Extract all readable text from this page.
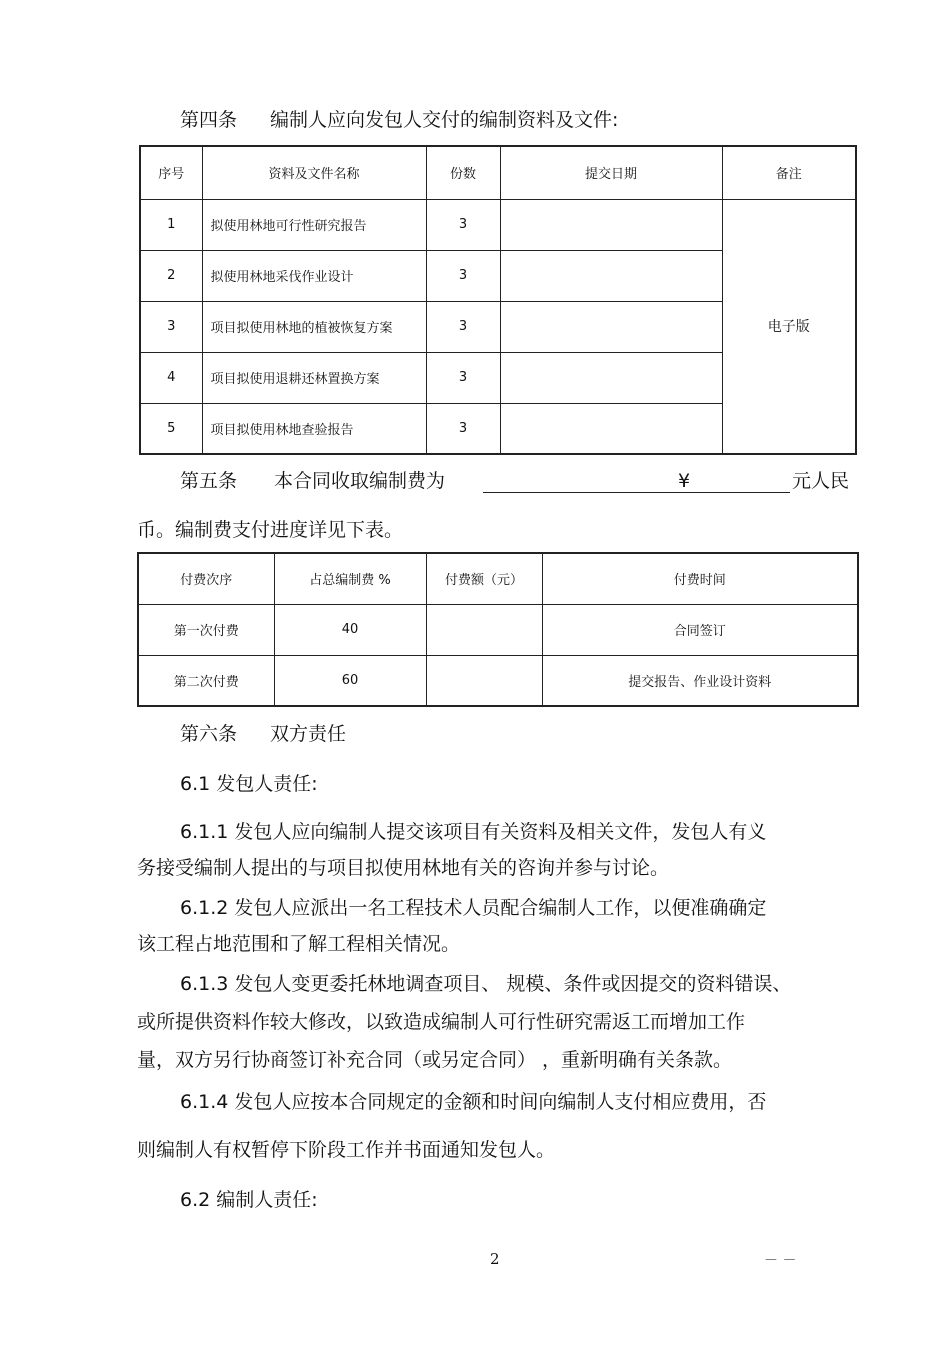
第四条 编制人应向发包人交付的编制资料及文件:
序号	资料及文件名称	份数	提交日期	备注
1	拟使用林地可行性研究报告	3		电子版
2	拟使用林地采伐作业设计	3		
3	项目拟使用林地的植被恢复方案	3		
4	项目拟使用退耕还林置换方案	3		
5	项目拟使用林地查验报告	3		
第五条 本合同收取编制费为	¥	元人民
币。编制费支付进度详见下表。
付费次序	占总编制费 %	付费额（元）	付费时间
第一次付费	40		合同签订
第二次付费	60		提交报告、作业设计资料
第六条 双方责任
6.1 发包人责任:
6.1.1 发包人应向编制人提交该项目有关资料及相关文件，发包人有义
务接受编制人提出的与项目拟使用林地有关的咨询并参与讨论。
6.1.2 发包人应派出一名工程技术人员配合编制人工作，以便准确确定
该工程占地范围和了解工程相关情况。
6.1.3 发包人变更委托林地调查项目、 规模、条件或因提交的资料错误、
或所提供资料作较大修改，以致造成编制人可行性研究需返工而增加工作
量，双方另行协商签订补充合同（或另定合同） ，重新明确有关条款。
6.1.4 发包人应按本合同规定的金额和时间向编制人支付相应费用，否
则编制人有权暂停下阶段工作并书面通知发包人。
6.2 编制人责任:
2	－ －
